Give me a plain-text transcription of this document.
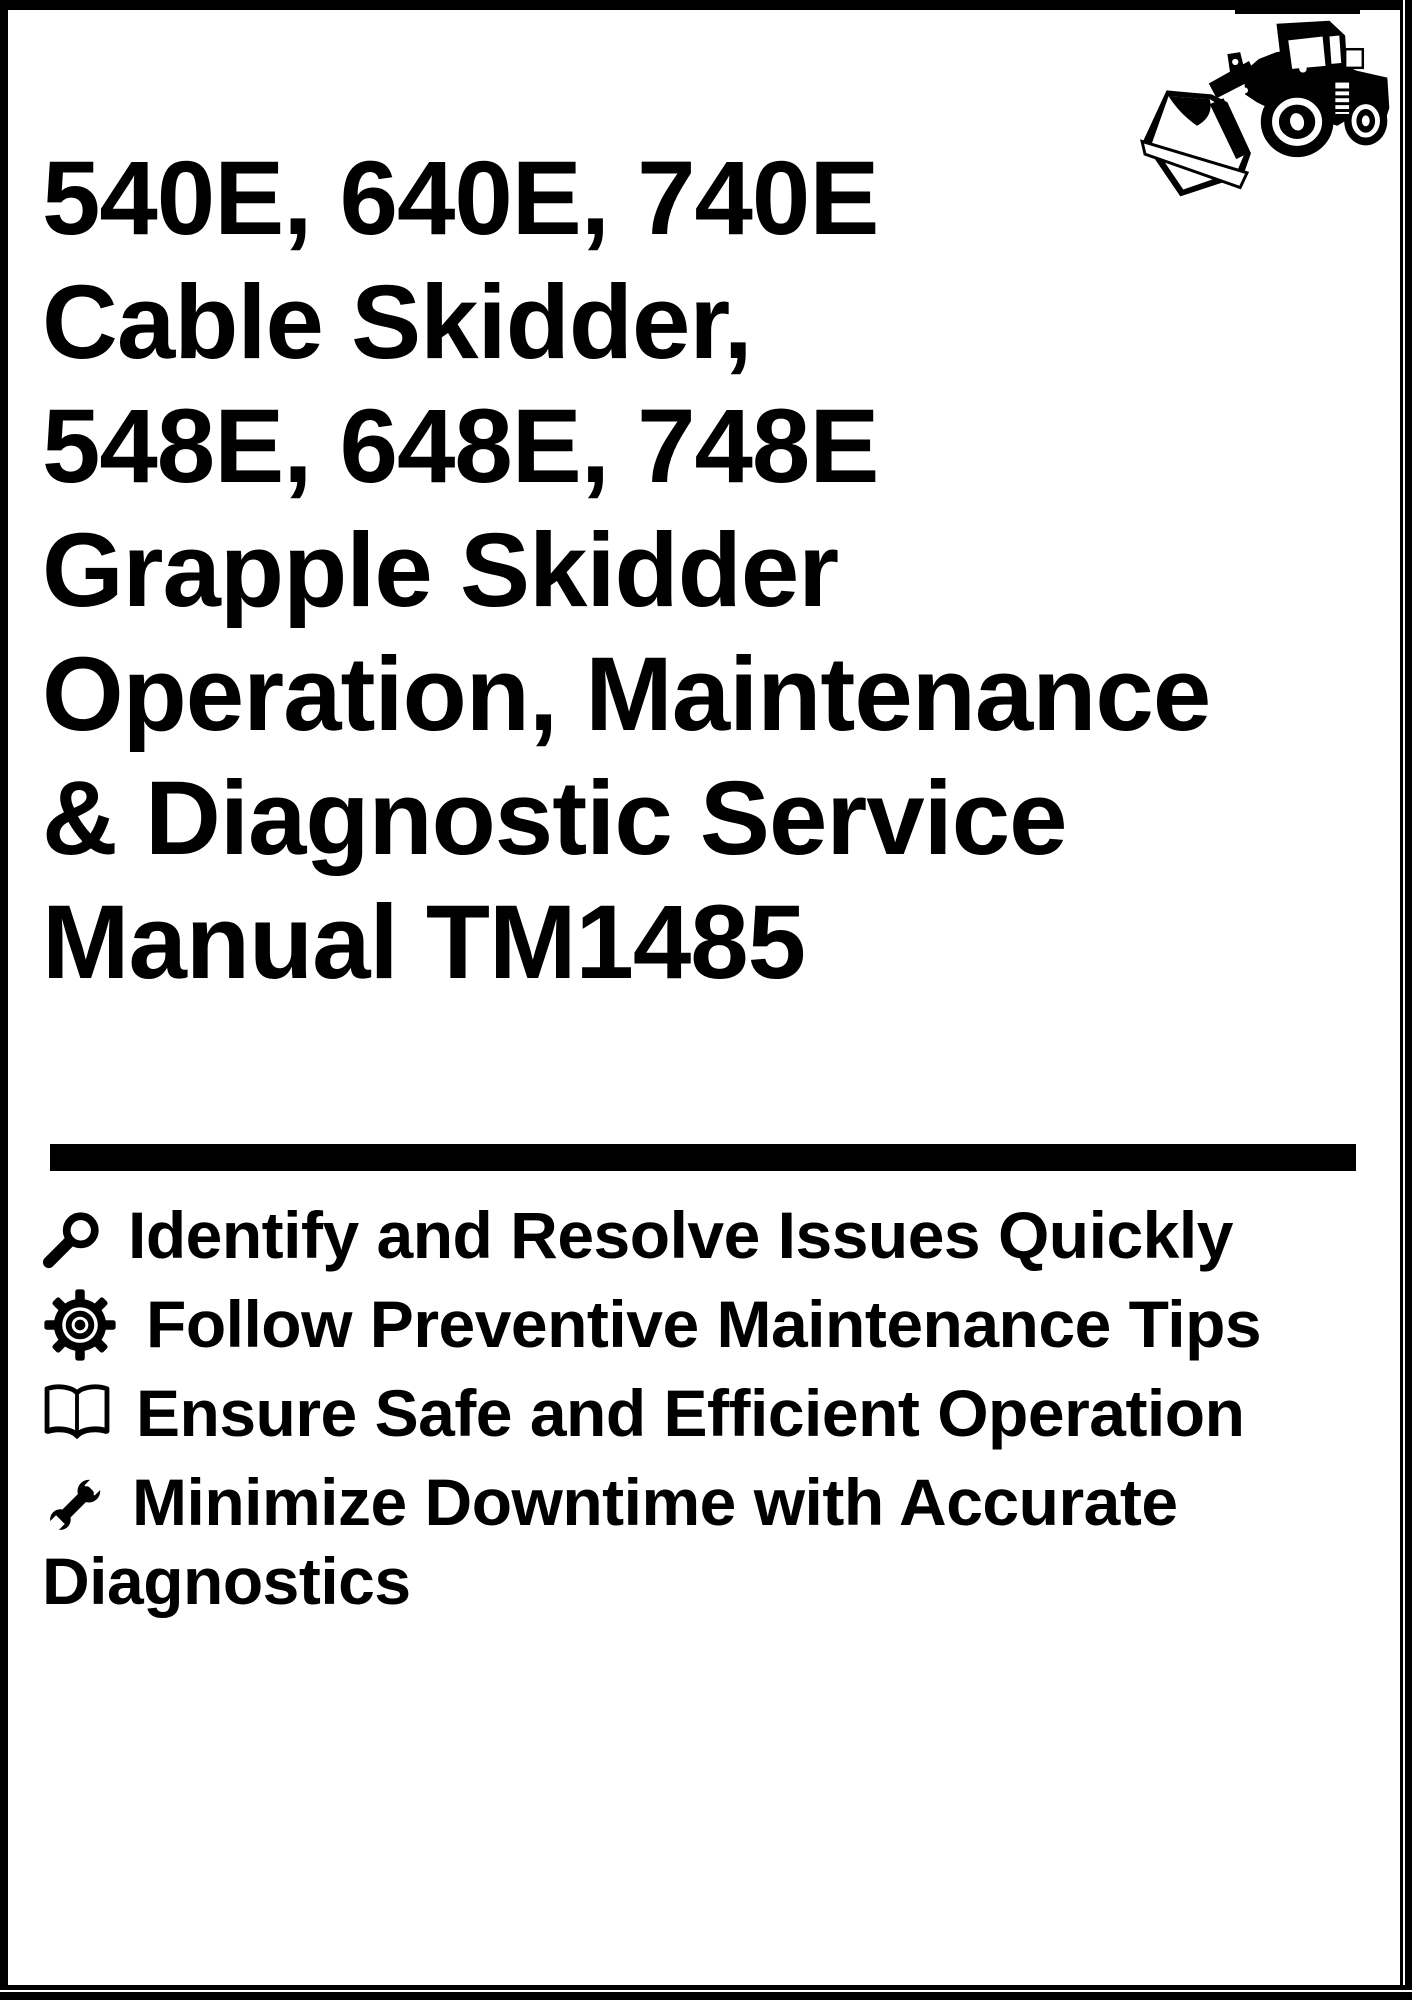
540E, 640E, 740E
Cable Skidder,
548E, 648E, 748E
Grapple Skidder
Operation, Maintenance
& Diagnostic Service
Manual TM1485
Identify and Resolve Issues Quickly
Follow Preventive Maintenance Tips
Ensure Safe and Efficient Operation
Minimize Downtime with Accurate Diagnostics
